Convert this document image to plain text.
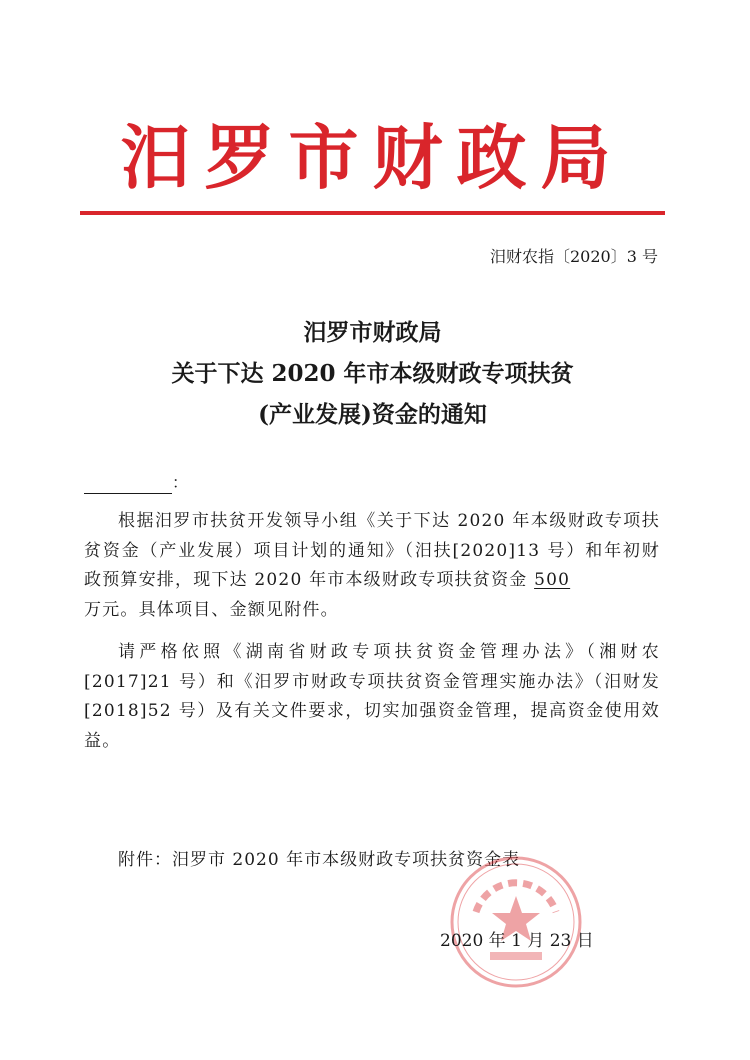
汨罗市财政局
汨财农指〔2020〕3 号
汨罗市财政局
关于下达 2020 年市本级财政专项扶贫
(产业发展)资金的通知
：

根据汨罗市扶贫开发领导小组《关于下达 2020 年本级财政专项扶贫资金（产业发展）项目计划的通知》（汨扶[2020]13 号）和年初财政预算安排，现下达 2020 年市本级财政专项扶贫资金 500
万元。具体项目、金额见附件。

请严格依照《湖南省财政专项扶贫资金管理办法》（湘财农[2017]21 号）和《汨罗市财政专项扶贫资金管理实施办法》（汨财发[2018]52 号）及有关文件要求，切实加强资金管理，提高资金使用效益。

附件：汨罗市 2020 年市本级财政专项扶贫资金表
2020 年 1 月 23 日
